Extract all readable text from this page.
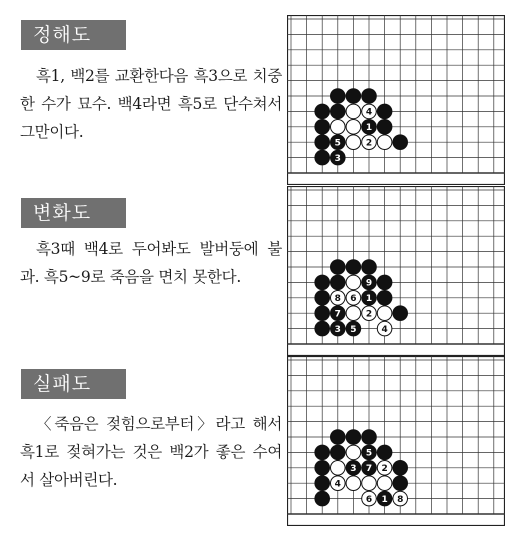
정해도

흑1, 백2를 교환한다음 흑3으로 치중한 수가 묘수. 백4라면 흑5로 단수쳐서 그만이다.

4
1
5	2
3
변화도

흑3때 백4로 두어봐도 발버둥에 불과. 흑5~9로 죽음을 면치 못한다.	9
8 6 1
7	2
3 5	4
실패도

〈죽음은 젖힘으로부터〉라고 해서 흑1로 젖혀가는 것은 백2가 좋은 수여서 살아버린다.

5
3 7 2
4
6 1 8
